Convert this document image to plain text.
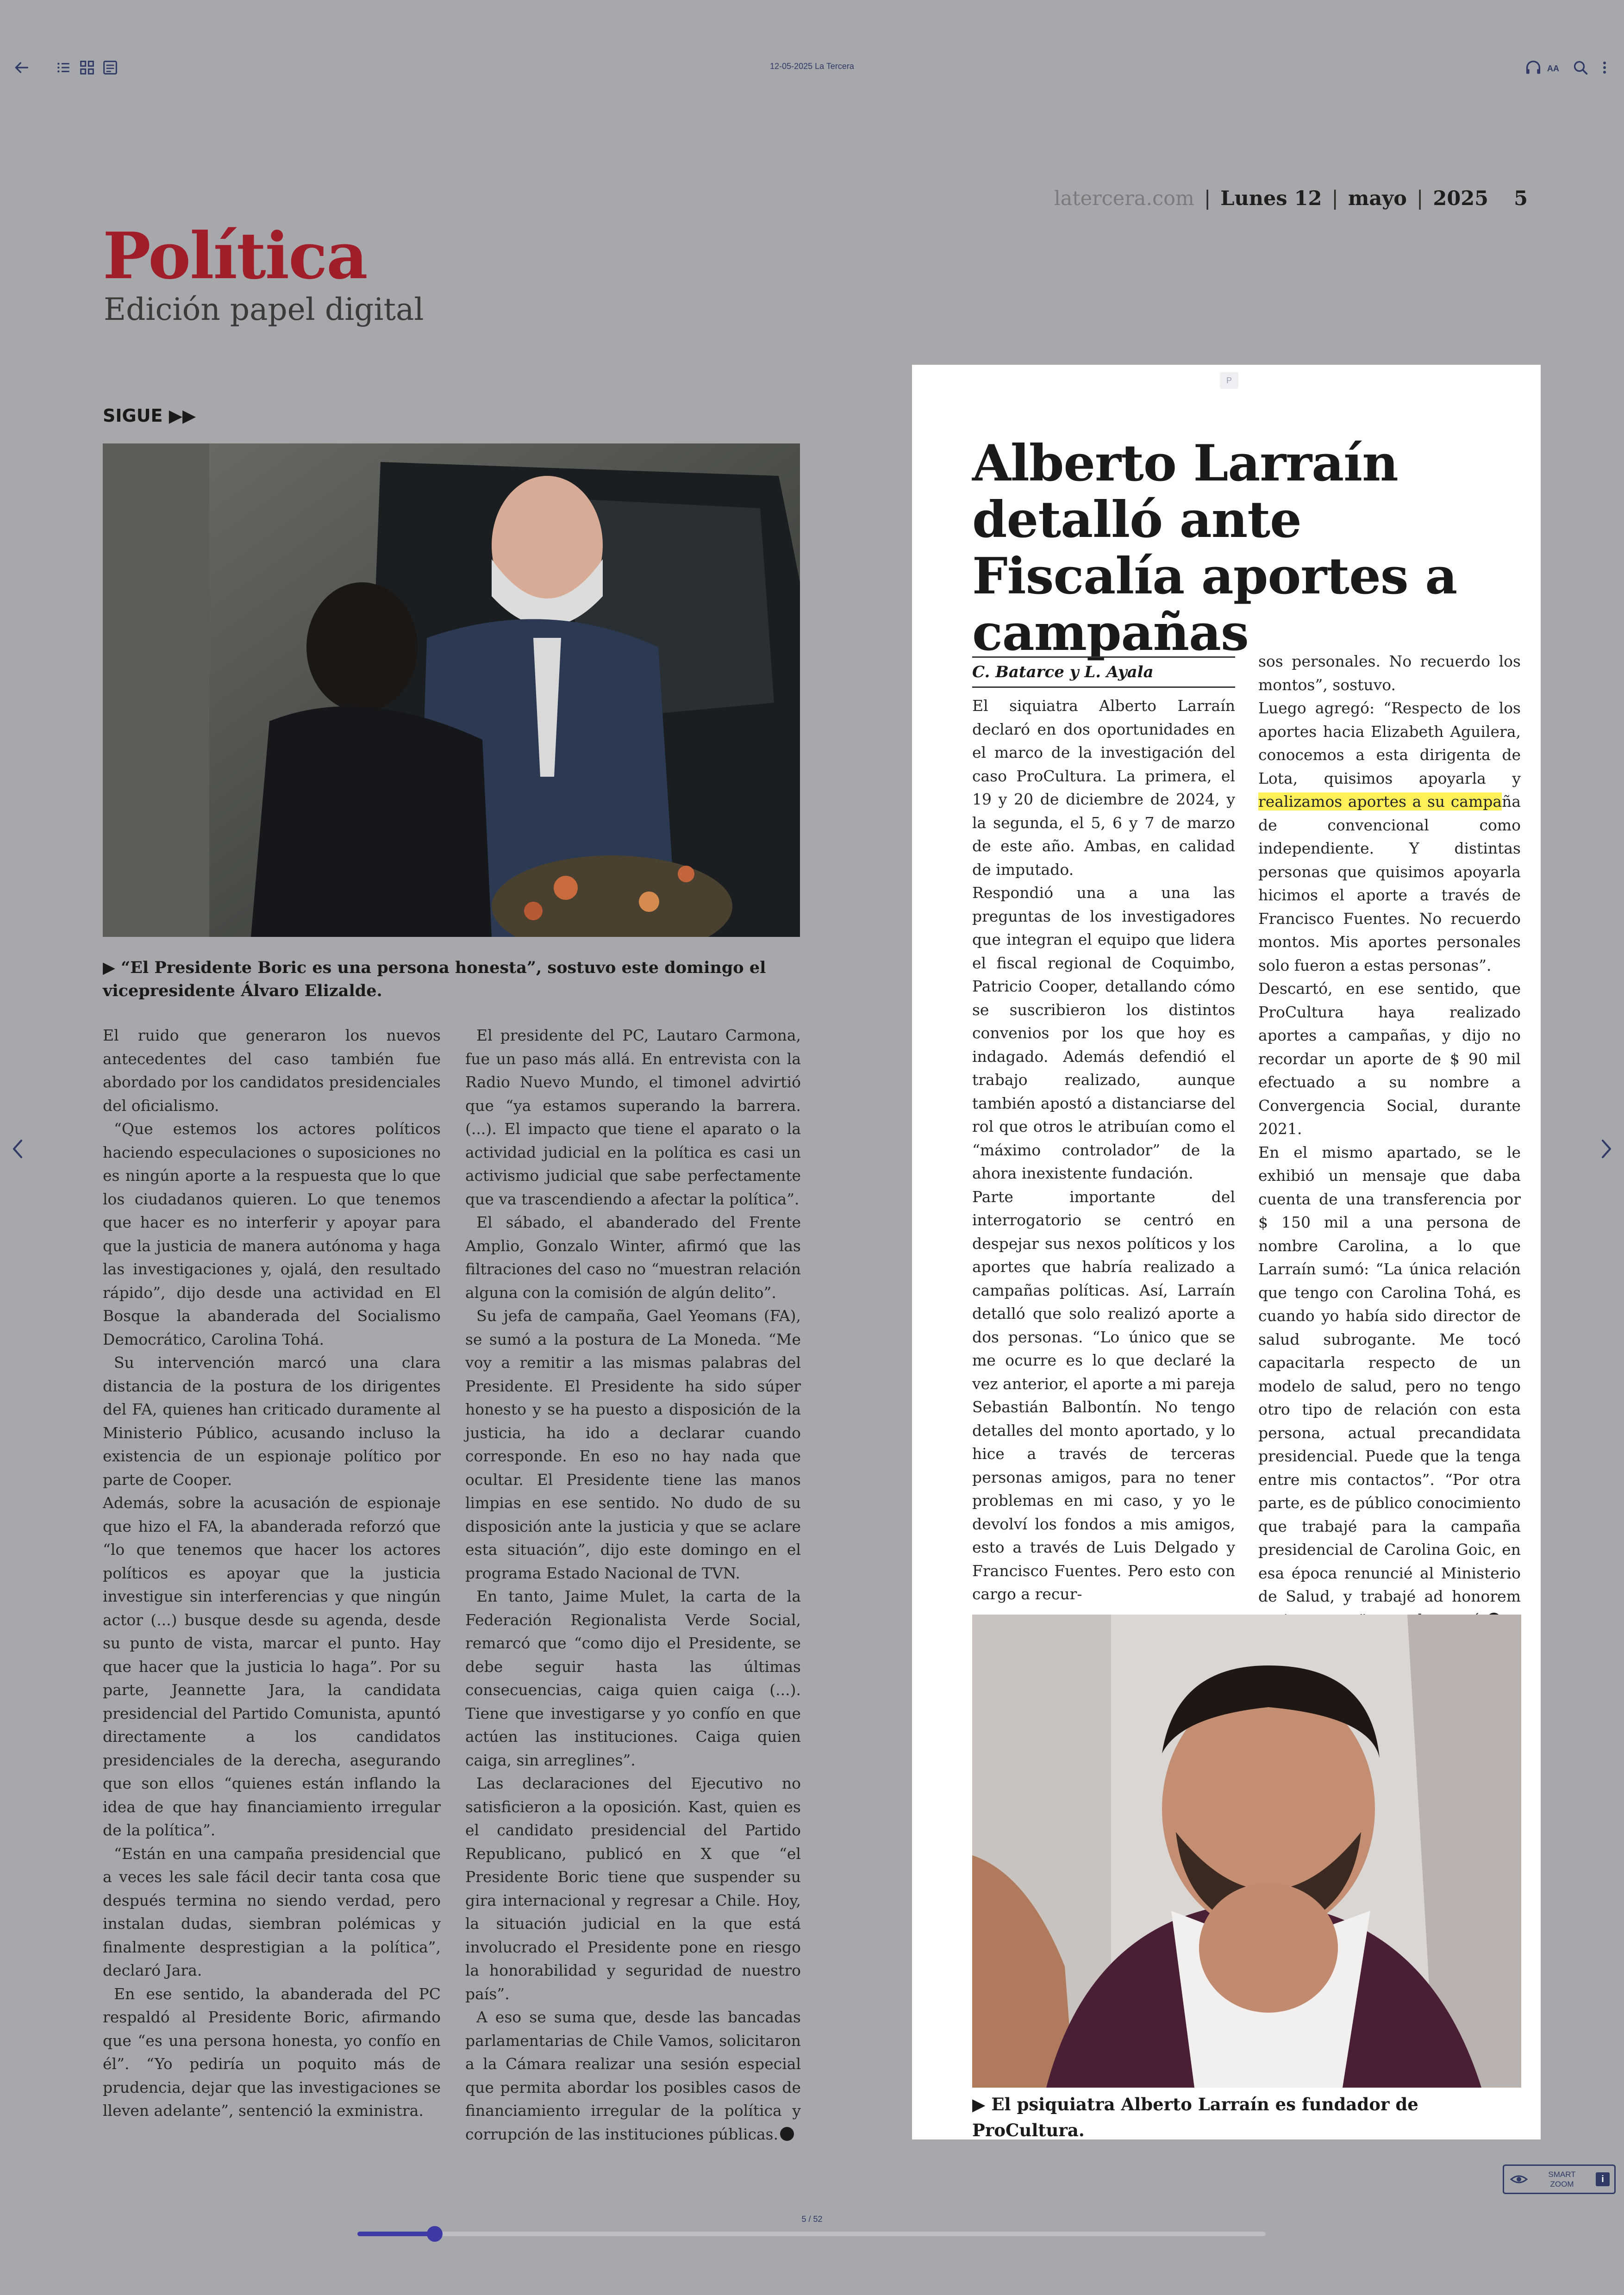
12-05-2025 La Tercera	AA
latercera.com | Lunes 12 | mayo | 2025 5
Política
Edición papel digital
SIGUE ▶▶
▶ “El Presidente Boric es una persona honesta”, sostuvo este domingo el vicepresidente Álvaro Elizalde.

El ruido que generaron los nuevos antecedentes del caso también fue abordado por los candidatos presidenciales del oficialismo.

“Que estemos los actores políticos haciendo especulaciones o suposiciones no es ningún aporte a la respuesta que lo que los ciudadanos quieren. Lo que tenemos que hacer es no interferir y apoyar para que la justicia de manera autónoma y haga las investigaciones y, ojalá, den resultado rápido”, dijo desde una actividad en El Bosque la abanderada del Socialismo Democrático, Carolina Tohá.

Su intervención marcó una clara distancia de la postura de los dirigentes del FA, quienes han criticado duramente al Ministerio Público, acusando incluso la existencia de un espionaje político por parte de Cooper.

Además, sobre la acusación de espionaje que hizo el FA, la abanderada reforzó que “lo que tenemos que hacer los actores políticos es apoyar que la justicia investigue sin interferencias y que ningún actor (...) busque desde su agenda, desde su punto de vista, marcar el punto. Hay que hacer que la justicia lo haga”. Por su parte, Jeannette Jara, la candidata presidencial del Partido Comunista, apuntó directamente a los candidatos presidenciales de la derecha, asegurando que son ellos “quienes están inflando la idea de que hay financiamiento irregular de la política”.

“Están en una campaña presidencial que a veces les sale fácil decir tanta cosa que después termina no siendo verdad, pero instalan dudas, siembran polémicas y finalmente desprestigian a la política”, declaró Jara.

En ese sentido, la abanderada del PC respaldó al Presidente Boric, afirmando que “es una persona honesta, yo confío en él”. “Yo pediría un poquito más de prudencia, dejar que las investigaciones se lleven adelante”, sentenció la exministra.

El presidente del PC, Lautaro Carmona, fue un paso más allá. En entrevista con la Radio Nuevo Mundo, el timonel advirtió que “ya estamos superando la barrera. (...). El impacto que tiene el aparato o la actividad judicial en la política es casi un activismo judicial que sabe perfectamente que va trascendiendo a afectar la política”.

El sábado, el abanderado del Frente Amplio, Gonzalo Winter, afirmó que las filtraciones del caso no “muestran relación alguna con la comisión de algún delito”.

Su jefa de campaña, Gael Yeomans (FA), se sumó a la postura de La Moneda. “Me voy a remitir a las mismas palabras del Presidente. El Presidente ha sido súper honesto y se ha puesto a disposición de la justicia, ha ido a declarar cuando corresponde. En eso no hay nada que ocultar. El Presidente tiene las manos limpias en ese sentido. No dudo de su disposición ante la justicia y que se aclare esta situación”, dijo este domingo en el programa Estado Nacional de TVN.

En tanto, Jaime Mulet, la carta de la Federación Regionalista Verde Social, remarcó que “como dijo el Presidente, se debe seguir hasta las últimas consecuencias, caiga quien caiga (...). Tiene que investigarse y yo confío en que actúen las instituciones. Caiga quien caiga, sin arreglines”.

Las declaraciones del Ejecutivo no satisficieron a la oposición. Kast, quien es el candidato presidencial del Partido Republicano, publicó en X que “el Presidente Boric tiene que suspender su gira internacional y regresar a Chile. Hoy, la situación judicial en la que está involucrado el Presidente pone en riesgo la honorabilidad y seguridad de nuestro país”.

A eso se suma que, desde las bancadas parlamentarias de Chile Vamos, solicitaron a la Cámara realizar una sesión especial que permita abordar los posibles casos de financiamiento irregular de la política y corrupción de las instituciones públicas.

P
Alberto Larraín detalló ante Fiscalía aportes a campañas
C. Batarce y L. Ayala

El siquiatra Alberto Larraín declaró en dos oportunidades en el marco de la investigación del caso ProCultura. La primera, el 19 y 20 de diciembre de 2024, y la segunda, el 5, 6 y 7 de marzo de este año. Ambas, en calidad de imputado.

Respondió una a una las preguntas de los investigadores que integran el equipo que lidera el fiscal regional de Coquimbo, Patricio Cooper, detallando cómo se suscribieron los distintos convenios por los que hoy es indagado. Además defendió el trabajo realizado, aunque también apostó a distanciarse del rol que otros le atribuían como el “máximo controlador” de la ahora inexistente fundación.

Parte importante del interrogatorio se centró en despejar sus nexos políticos y los aportes que habría realizado a campañas políticas. Así, Larraín detalló que solo realizó aporte a dos personas. “Lo único que se me ocurre es lo que declaré la vez anterior, el aporte a mi pareja Sebastián Balbontín. No tengo detalles del monto aportado, y lo hice a través de terceras personas amigos, para no tener problemas en mi caso, y yo le devolví los fondos a mis amigos, esto a través de Luis Delgado y Francisco Fuentes. Pero esto con cargo a recur-

sos personales. No recuerdo los montos”, sostuvo.

Luego agregó: “Respecto de los aportes hacia Elizabeth Aguilera, conocemos a esta dirigenta de Lota, quisimos apoyarla y realizamos aportes a su campaña de convencional como independiente. Y distintas personas que quisimos apoyarla hicimos el aporte a través de Francisco Fuentes. No recuerdo montos. Mis aportes personales solo fueron a estas personas”.

Descartó, en ese sentido, que ProCultura haya realizado aportes a campañas, y dijo no recordar un aporte de $ 90 mil efectuado a su nombre a Convergencia Social, durante 2021.

En el mismo apartado, se le exhibió un mensaje que daba cuenta de una transferencia por $ 150 mil a una persona de nombre Carolina, a lo que Larraín sumó: “La única relación que tengo con Carolina Tohá, es cuando yo había sido director de salud subrogante. Me tocó capacitarla respecto de un modelo de salud, pero no tengo otro tipo de relación con esta persona, actual precandidata presidencial. Puede que la tenga entre mis contactos”. “Por otra parte, es de público conocimiento que trabajé para la campaña presidencial de Carolina Goic, en esa época renuncié al Ministerio de Salud, y trabajé ad honorem

▶ El psiquiatra Alberto Larraín es fundador de ProCultura.
SMART ZOOM	i
5 / 52
